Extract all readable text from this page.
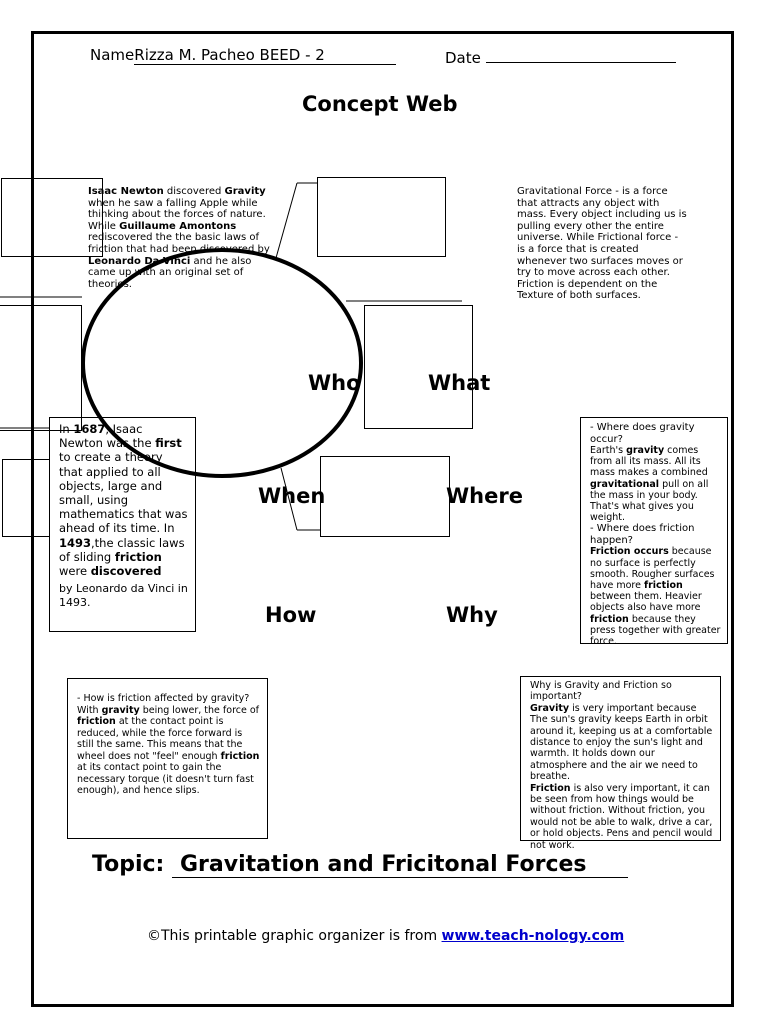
NameRizza M. Pacheo BEED - 2	Date
Concept Web
Isaac Newton discovered Gravity when he saw a falling Apple while thinking about the forces of nature. While Guillaume Amontons rediscovered the the basic laws of friction that had been discovered by Leonardo Da Vinci and he also came up with an original set of theories.
Gravitational Force - is a force that attracts any object with mass. Every object including us is pulling every other the entire universe. While Frictional force - is a force that is created whenever two surfaces moves or try to move across each other. Friction is dependent on the Texture of both surfaces.
Who	What
When	Where
How	Why
In 1687, Isaac Newton was the first to create a theory that applied to all objects, large and small, using mathematics that was ahead of its time. In 1493,the classic laws of sliding friction were discovered

by Leonardo da Vinci in 1493.

- Where does gravity occur?

Earth's gravity comes from all its mass. All its mass makes a combined gravitational pull on all the mass in your body. That's what gives you weight.

- Where does friction happen?

Friction occurs because no surface is perfectly smooth. Rougher surfaces have more friction between them. Heavier objects also have more friction because they press together with greater force.

- How is friction affected by gravity?

With gravity being lower, the force of friction at the contact point is reduced, while the force forward is still the same. This means that the wheel does not "feel" enough friction at its contact point to gain the necessary torque (it doesn't turn fast enough), and hence slips.

Why is Gravity and Friction so important?

Gravity is very important because The sun's gravity keeps Earth in orbit around it, keeping us at a comfortable distance to enjoy the sun's light and warmth. It holds down our atmosphere and the air we need to breathe.

Friction is also very important, it can be seen from how things would be without friction. Without friction, you would not be able to walk, drive a car, or hold objects. Pens and pencil would not work.

Topic: Gravitation and Fricitonal Forces
©This printable graphic organizer is from www.teach-nology.com
